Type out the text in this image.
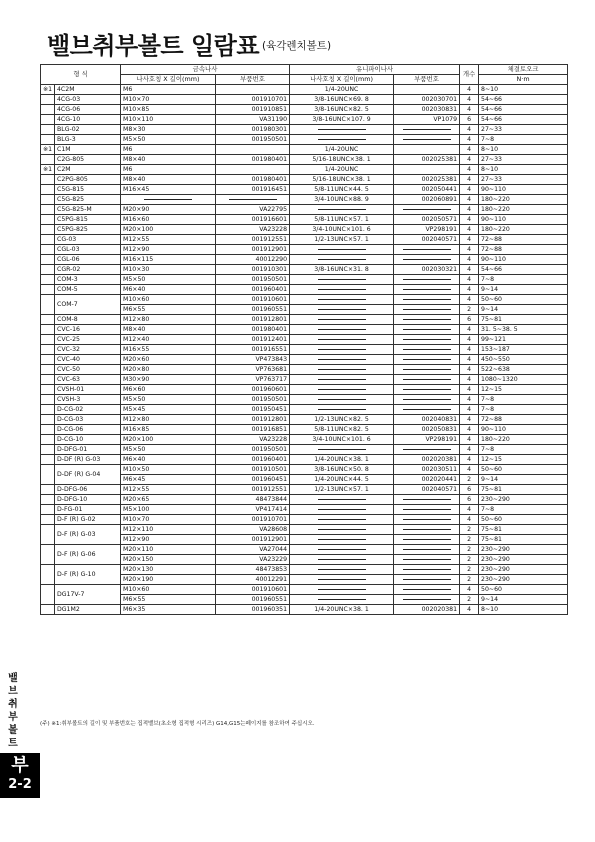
밸브취부볼트 일람표 (육각렌치볼트)
형 식		금속나사		유니파이나사		개수	체결토오크
		나사호칭 X 길이(mm)	부품번호	나사호칭 X 길이(mm)	부품번호		N·m
※1	4C2M	M6		1/4-20UNC		4	8~10
	4CG-03	M10×70	001910701	3/8-16UNC×69. 8	002030701	4	54~66
	4CG-06	M10×85	001910851	3/8-16UNC×82. 5	002030831	4	54~66
	4CG-10	M10×110	VA31190	3/8-16UNC×107. 9	VP1079	6	54~66
	BLG-02	M8×30	001980301			4	27~33
	BLG-3	M5×50	001950501			4	7~8
※1	C1M	M6		1/4-20UNC		4	8~10
	C2G-805	M8×40	001980401	5/16-18UNC×38. 1	002025381	4	27~33
※1	C2M	M6		1/4-20UNC		4	8~10
	C2PG-805	M8×40	001980401	5/16-18UNC×38. 1	002025381	4	27~33
	C5G-815	M16×45	001916451	5/8-11UNC×44. 5	002050441	4	90~110
	C5G-825			3/4-10UNC×88. 9	002060891	4	180~220
	C5G-825-M	M20×90	VA22795			4	180~220
	C5PG-815	M16×60	001916601	5/8-11UNC×57. 1	002050571	4	90~110
	C5PG-825	M20×100	VA23228	3/4-10UNC×101. 6	VP298191	4	180~220
	CG-03	M12×55	001912551	1/2-13UNC×57. 1	002040571	4	72~88
	CGL-03	M12×90	001912901			4	72~88
	CGL-06	M16×115	40012290			4	90~110
	CGR-02	M10×30	001910301	3/8-16UNC×31. 8	002030321	4	54~66
	COM-3	M5×50	001950501			4	7~8
	COM-5	M6×40	001960401			4	9~14
	COM-7	M10×60	001910601			4	50~60
		M6×55	001960551			2	9~14
	COM-8	M12×80	001912801			6	75~81
	CVC-16	M8×40	001980401			4	31. 5~38. 5
	CVC-25	M12×40	001912401			4	99~121
	CVC-32	M16×55	001916551			4	153~187
	CVC-40	M20×60	VP473843			4	450~550
	CVC-50	M20×80	VP763681			4	522~638
	CVC-63	M30×90	VP763717			4	1080~1320
	CVSH-01	M6×60	001960601			4	12~15
	CVSH-3	M5×50	001950501			4	7~8
	D-CG-02	M5×45	001950451			4	7~8
	D-CG-03	M12×80	001912801	1/2-13UNC×82. 5	002040831	4	72~88
	D-CG-06	M16×85	001916851	5/8-11UNC×82. 5	002050831	4	90~110
	D-CG-10	M20×100	VA23228	3/4-10UNC×101. 6	VP298191	4	180~220
	D-DFG-01	M5×50	001950501			4	7~8
	D-DF (R) G-03	M6×40	001960401	1/4-20UNC×38. 1	002020381	4	12~15
	D-DF (R) G-04	M10×50	001910501	3/8-16UNC×50. 8	002030511	4	50~60
		M6×45	001960451	1/4-20UNC×44. 5	002020441	2	9~14
	D-DFG-06	M12×55	001912551	1/2-13UNC×57. 1	002040571	6	75~81
	D-DFG-10	M20×65	48473844			6	230~290
	D-FG-01	M5×100	VP417414			4	7~8
	D-F (R) G-02	M10×70	001910701			4	50~60
	D-F (R) G-03	M12×110	VA28608			2	75~81
		M12×90	001912901			2	75~81
	D-F (R) G-06	M20×110	VA27044			2	230~290
		M20×150	VA23229			2	230~290
	D-F (R) G-10	M20×130	48473853			2	230~290
		M20×190	40012291			2	230~290
	DG17V-7	M10×60	001910601			4	50~60
		M6×55	001960551			2	9~14
	DG1M2	M6×35	001960351	1/4-20UNC×38. 1	002020381	4	8~10
(주) ※1:취부볼트의 길이 및 부품번호는 집적밸브(초소형 집적형 시리즈) G14,G15는페이지를 참조하여 주십시오.
밸
브
취
부
볼
트
부
2-2
